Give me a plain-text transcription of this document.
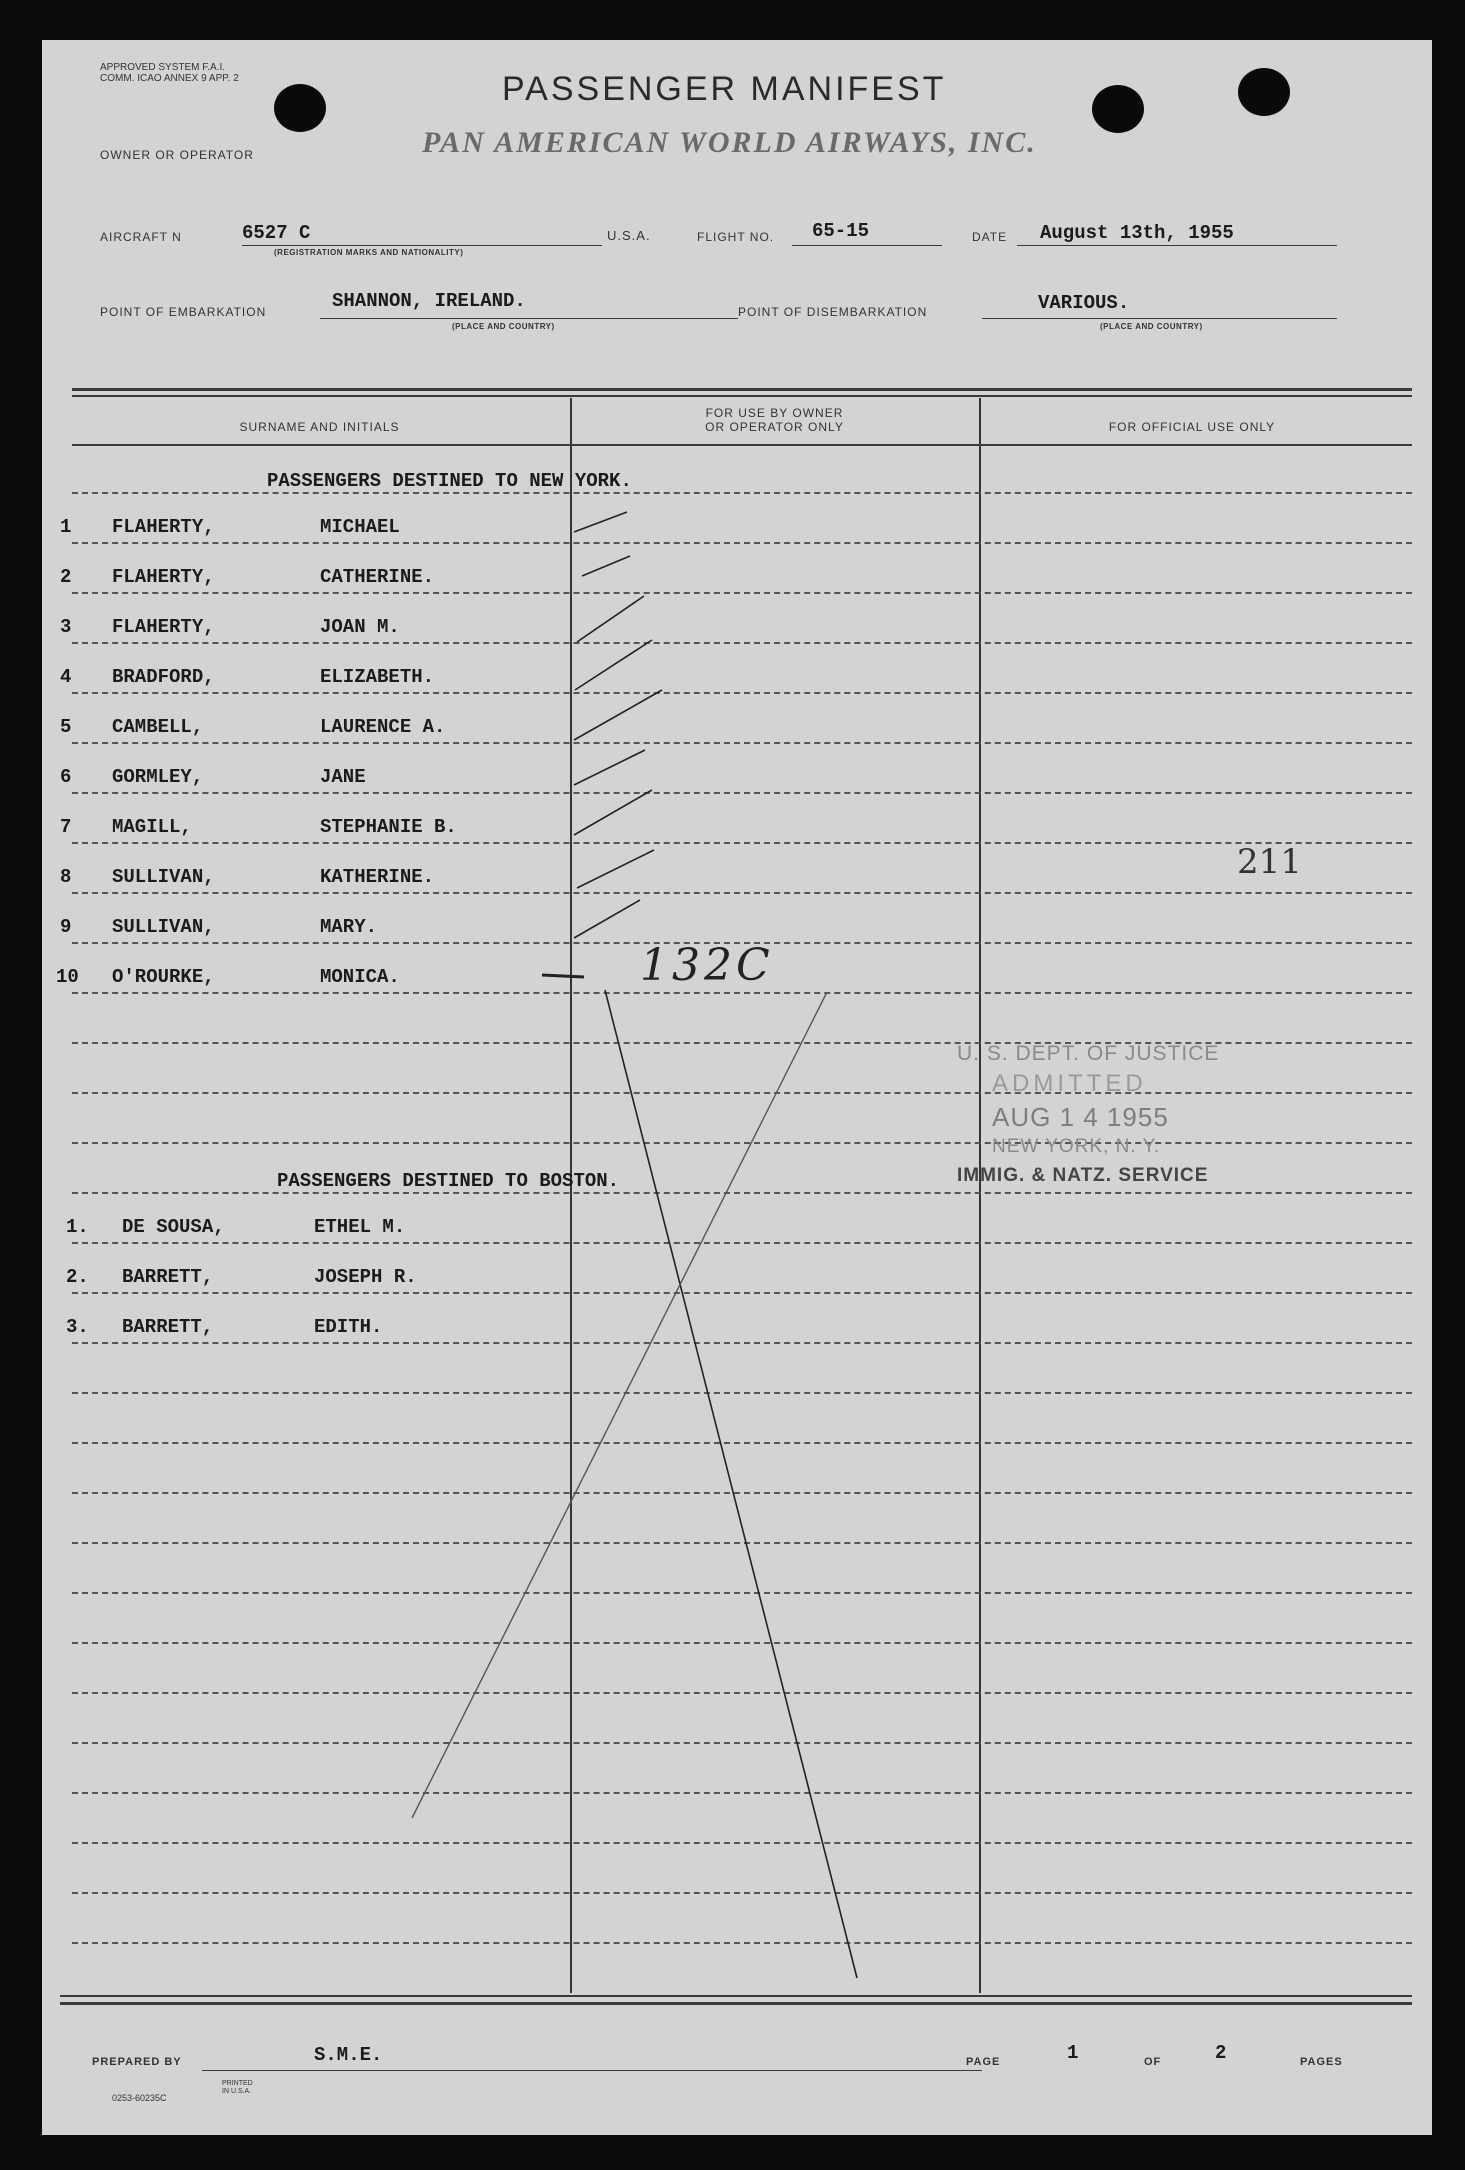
APPROVED SYSTEM F.A.I. COMM. ICAO ANNEX 9 APP. 2	PASSENGER MANIFEST
OWNER OR OPERATOR	PAN AMERICAN WORLD AIRWAYS, INC.
AIRCRAFT N	6527 C
(REGISTRATION MARKS AND NATIONALITY)
U.S.A.	FLIGHT NO. 65-15	DATE August 13th, 1955
POINT OF EMBARKATION	SHANNON, IRELAND.
(PLACE AND COUNTRY)
POINT OF DISEMBARKATION	VARIOUS.
(PLACE AND COUNTRY)
SURNAME AND INITIALS
FOR USE BY OWNER
OR OPERATOR ONLY	FOR OFFICIAL USE ONLY
PASSENGERS DESTINED TO NEW YORK.
1 FLAHERTY,	MICHAEL
2 FLAHERTY,	CATHERINE.
3 FLAHERTY,	JOAN M.
4 BRADFORD,	ELIZABETH.
5 CAMBELL,	LAURENCE A.
6 GORMLEY,	JANE
7 MAGILL,	STEPHANIE B.
8 SULLIVAN,	KATHERINE.
9 SULLIVAN,	MARY.
10 O'ROURKE,	MONICA.
PASSENGERS DESTINED TO BOSTON.
1. DE SOUSA,	ETHEL M.
2. BARRETT,	JOSEPH R.
3. BARRETT,	EDITH.
211
132C
U. S. DEPT. OF JUSTICE
ADMITTED
AUG 1 4 1955
NEW YORK, N. Y.
IMMIG. & NATZ. SERVICE
PREPARED BY	S.M.E.	PAGE	1	OF	2	PAGES
0253-60235C
PRINTED IN U.S.A.
